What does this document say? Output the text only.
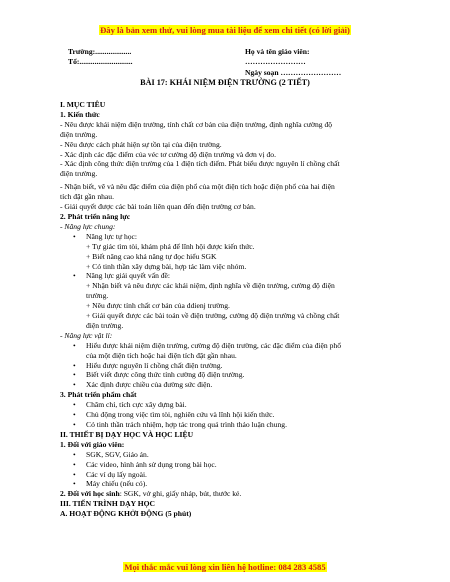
Đây là bản xem thử, vui lòng mua tài liệu để xem chi tiết (có lời giải)
Trường:...................
Tổ:............................
Họ và tên giáo viên:
……………………
Ngày soạn ……………………
BÀI 17: KHÁI NIỆM ĐIỆN TRƯỜNG (2 TIẾT)

I. MỤC TIÊU

1. Kiến thức

- Nêu được khái niệm điện trường, tính chất cơ bản của điện trường, định nghĩa cường độ

điện trường.

- Nêu được cách phát hiện sự tồn tại của điện trường.

- Xác định các đặc điểm của véc tơ cường độ điện trường và đơn vị đo.

- Xác định công thức điện trường của 1 điện tích điểm. Phát biểu được nguyên lí chồng chất

điện trường.

- Nhận biết, vẽ và nêu đặc điểm của điện phổ của một điện tích hoặc điện phổ của hai điện

tích đặt gần nhau.

- Giải quyết được các bài toán liên quan đến điện trường cơ bản.

2. Phát triển năng lực

- Năng lực chung:

• Năng lực tự học:

+ Tự giác tìm tòi, khám phá để lĩnh hội được kiến thức.

+ Biết nâng cao khả năng tự đọc hiểu SGK

+ Có tinh thần xây dựng bài, hợp tác làm việc nhóm.

• Năng lực giải quyết vấn đề:

+ Nhận biết và nêu được các khái niệm, định nghĩa về điện trường, cường độ điện

trường.

+ Nêu được tính chất cơ bản của ddienj trường.

+ Giải quyết được các bài toán về điện trường, cường độ điện trường và chồng chất

điện trường.

- Năng lực vật lí:

• Hiểu được khái niệm điện trường, cường độ điện trường, các đặc điểm của điện phổ

của một điện tích hoặc hai điện tích đặt gần nhau.

• Hiểu được nguyên lí chồng chất điện trường.

• Biết viết được công thức tính cường độ điện trường.

• Xác định được chiều của đường sức điện.

3. Phát triển phẩm chất

• Chăm chỉ, tích cực xây dựng bài.

• Chủ động trong việc tìm tòi, nghiên cứu và lĩnh hội kiến thức.

• Có tinh thần trách nhiệm, hợp tác trong quá trình thảo luận chung.

II. THIẾT BỊ DẠY HỌC VÀ HỌC LIỆU

1. Đối với giáo viên:

• SGK, SGV, Giáo án.

• Các video, hình ảnh sử dụng trong bài học.

• Các ví dụ lấy ngoài.

• Máy chiếu (nếu có).

2. Đối với học sinh: SGK, vở ghi, giấy nháp, bút, thước kẻ.

III. TIẾN TRÌNH DẠY HỌC

A. HOẠT ĐỘNG KHỞI ĐỘNG (5 phút)

Mọi thắc mắc vui lòng xin liên hệ hotline: 084 283 4585
